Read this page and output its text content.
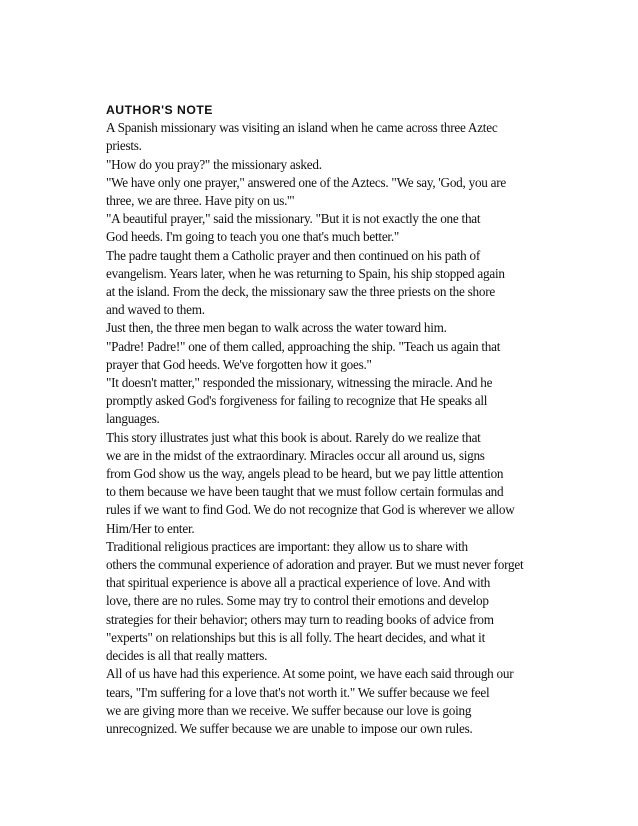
AUTHOR'S NOTE
A Spanish missionary was visiting an island when he came across three Aztec
priests.
"How do you pray?" the missionary asked.
"We have only one prayer," answered one of the Aztecs. "We say, 'God, you are
three, we are three. Have pity on us.'"
"A beautiful prayer," said the missionary. "But it is not exactly the one that
God heeds. I'm going to teach you one that's much better."
The padre taught them a Catholic prayer and then continued on his path of
evangelism. Years later, when he was returning to Spain, his ship stopped again
at the island. From the deck, the missionary saw the three priests on the shore
and waved to them.
Just then, the three men began to walk across the water toward him.
"Padre! Padre!" one of them called, approaching the ship. "Teach us again that
prayer that God heeds. We've forgotten how it goes."
"It doesn't matter," responded the missionary, witnessing the miracle. And he
promptly asked God's forgiveness for failing to recognize that He speaks all
languages.
This story illustrates just what this book is about. Rarely do we realize that
we are in the midst of the extraordinary. Miracles occur all around us, signs
from God show us the way, angels plead to be heard, but we pay little attention
to them because we have been taught that we must follow certain formulas and
rules if we want to find God. We do not recognize that God is wherever we allow
Him/Her to enter.
Traditional religious practices are important: they allow us to share with
others the communal experience of adoration and prayer. But we must never forget
that spiritual experience is above all a practical experience of love. And with
love, there are no rules. Some may try to control their emotions and develop
strategies for their behavior; others may turn to reading books of advice from
"experts" on relationships but this is all folly. The heart decides, and what it
decides is all that really matters.
All of us have had this experience. At some point, we have each said through our
tears, "I'm suffering for a love that's not worth it." We suffer because we feel
we are giving more than we receive. We suffer because our love is going
unrecognized. We suffer because we are unable to impose our own rules.
